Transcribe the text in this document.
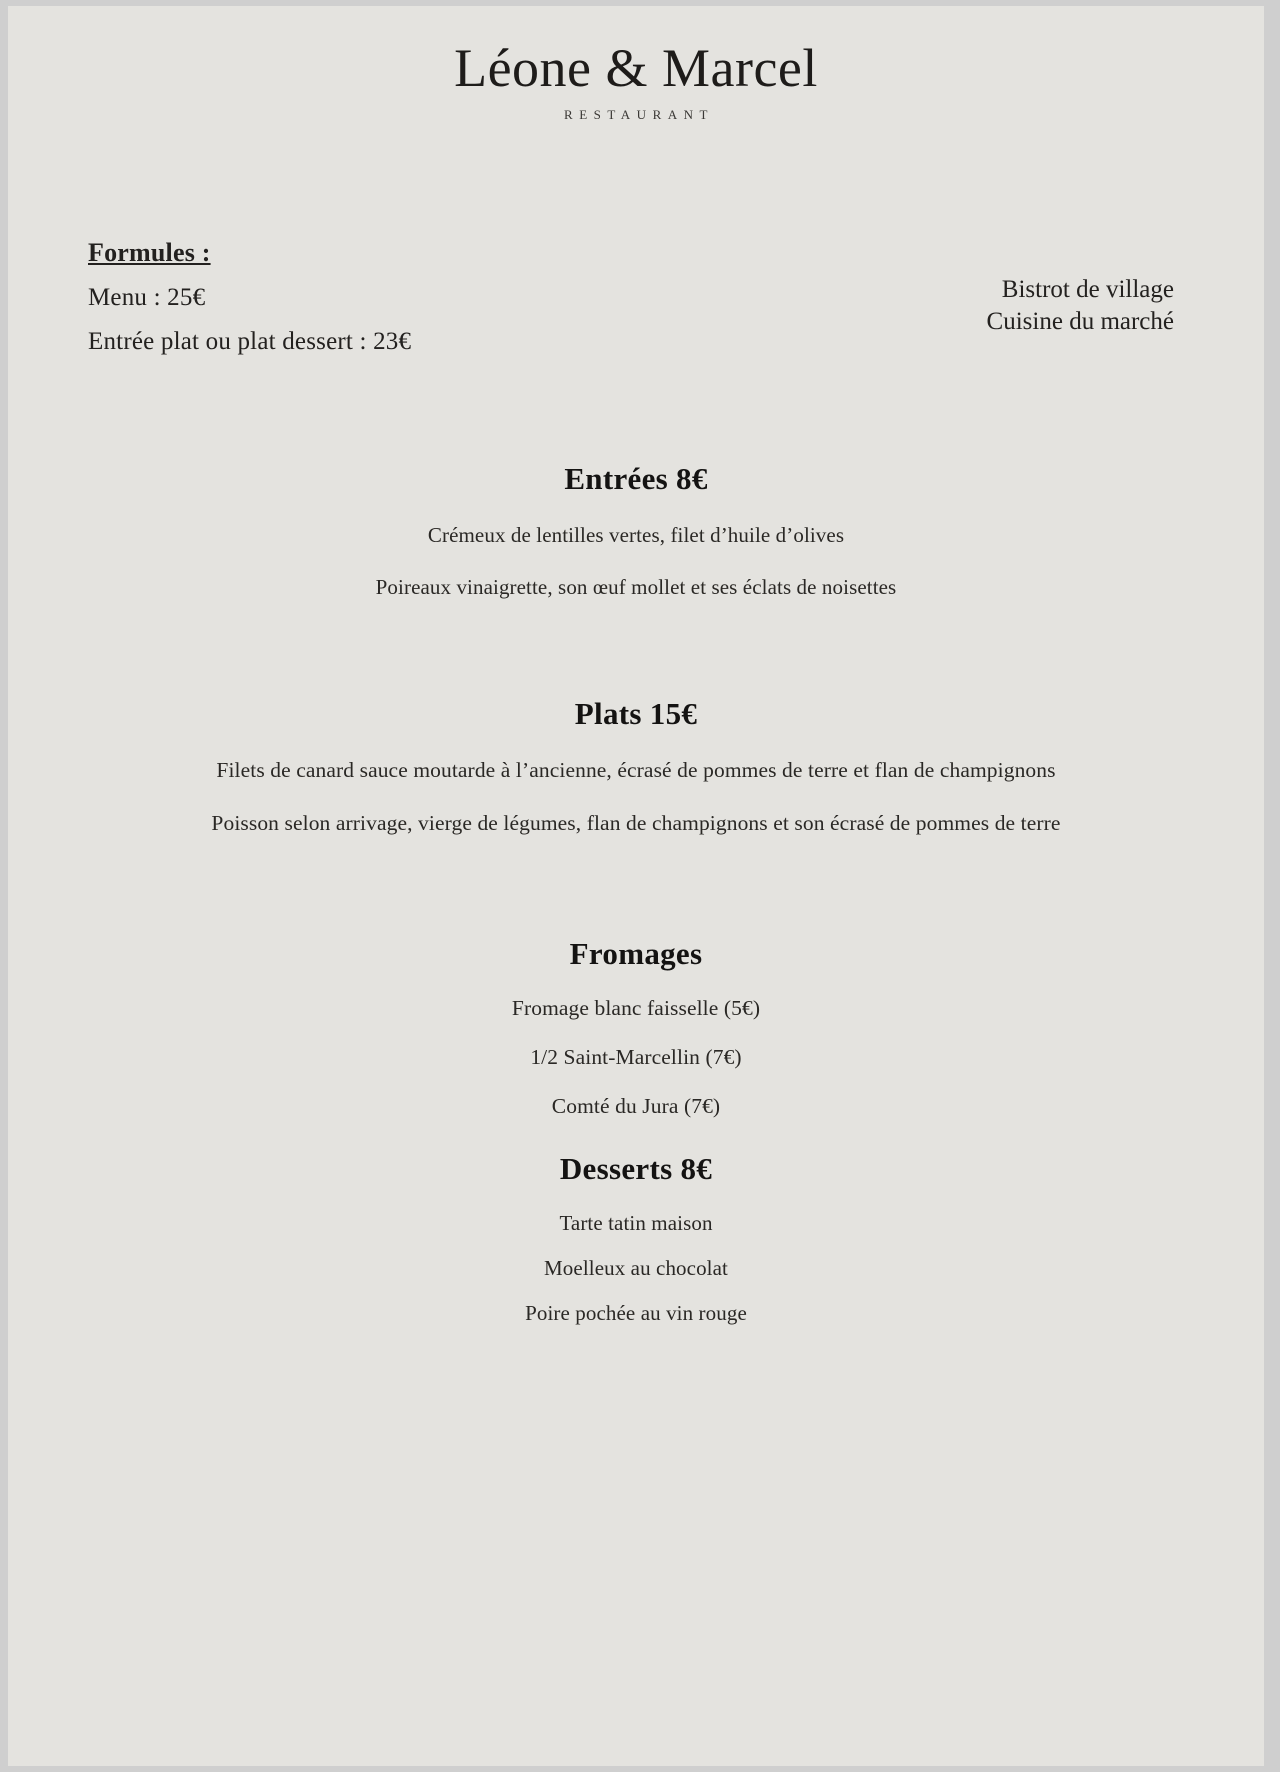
Léone & Marcel
RESTAURANT
Formules :
Menu : 25€
Entrée plat ou plat dessert : 23€
Bistrot de village
Cuisine du marché
Entrées 8€
Crémeux de lentilles vertes, filet d’huile d’olives
Poireaux vinaigrette, son œuf mollet et ses éclats de noisettes
Plats 15€
Filets de canard sauce moutarde à l’ancienne, écrasé de pommes de terre et flan de champignons
Poisson selon arrivage, vierge de légumes, flan de champignons et son écrasé de pommes de terre
Fromages
Fromage blanc faisselle (5€)
1/2 Saint-Marcellin (7€)
Comté du Jura (7€)
Desserts 8€
Tarte tatin maison
Moelleux au chocolat
Poire pochée au vin rouge
